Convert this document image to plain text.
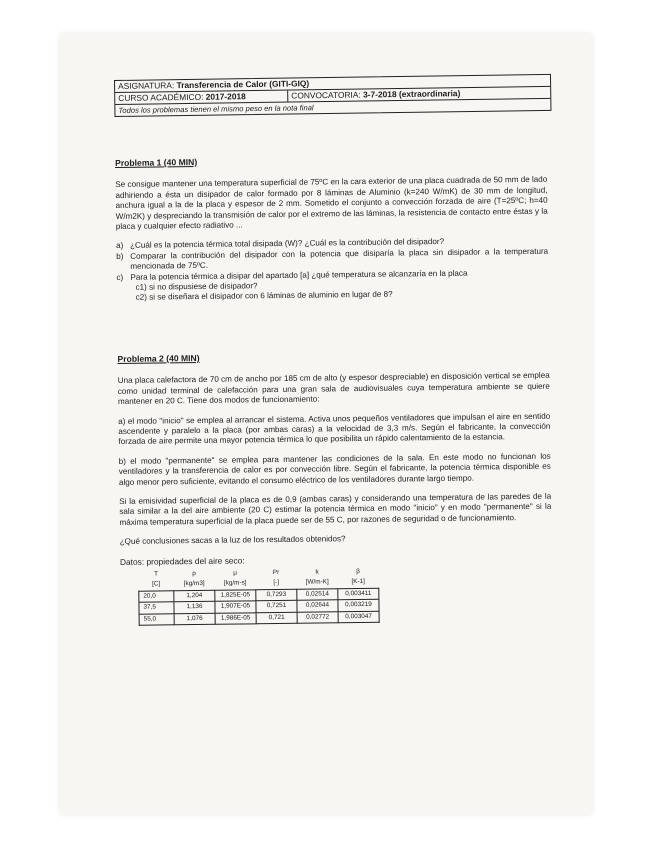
ASIGNATURA: Transferencia de Calor (GITI-GIQ)
CURSO ACADÉMICO: 2017-2018	CONVOCATORIA: 3-7-2018 (extraordinaria)
Todos los problemas tienen el mismo peso en la nota final
Problema 1 (40 MIN)
Se consigue mantener una temperatura superficial de 75ºC en la cara exterior de una placa cuadrada de 50 mm de lado adhiriendo a ésta un disipador de calor formado por 8 láminas de Aluminio (k=240 W/mK) de 30 mm de longitud, anchura igual a la de la placa y espesor de 2 mm. Sometido el conjunto a convección forzada de aire (T=25ºC; h=40 W/m2K) y despreciando la transmisión de calor por el extremo de las láminas, la resistencia de contacto entre éstas y la placa y cualquier efecto radiativo ...
a) ¿Cuál es la potencia térmica total disipada (W)? ¿Cuál es la contribución del disipador?
b) Comparar la contribución del disipador con la potencia que disiparía la placa sin disipador a la temperatura mencionada de 75ºC.
c) Para la potencia térmica a disipar del apartado [a] ¿qué temperatura se alcanzaría en la placa
c1) si no dispusiese de disipador?
c2) si se diseñara el disipador con 6 láminas de aluminio en lugar de 8?
Problema 2 (40 MIN)
Una placa calefactora de 70 cm de ancho por 185 cm de alto (y espesor despreciable) en disposición vertical se emplea como unidad terminal de calefacción para una gran sala de audiovisuales cuya temperatura ambiente se quiere mantener en 20 C. Tiene dos modos de funcionamiento:
a) el modo "inicio" se emplea al arrancar el sistema. Activa unos pequeños ventiladores que impulsan el aire en sentido ascendente y paralelo a la placa (por ambas caras) a la velocidad de 3,3 m/s. Según el fabricante, la convección forzada de aire permite una mayor potencia térmica lo que posibilita un rápido calentamiento de la estancia.
b) el modo "permanente" se emplea para mantener las condiciones de la sala. En este modo no funcionan los ventiladores y la transferencia de calor es por convección libre. Según el fabricante, la potencia térmica disponible es algo menor pero suficiente, evitando el consumo eléctrico de los ventiladores durante largo tiempo.
Si la emisividad superficial de la placa es de 0,9 (ambas caras) y considerando una temperatura de las paredes de la sala similar a la del aire ambiente (20 C) estimar la potencia térmica en modo "inicio" y en modo "permanente" si la máxima temperatura superficial de la placa puede ser de 55 C, por razones de seguridad o de funcionamiento.
¿Qué conclusiones sacas a la luz de los resultados obtenidos?
Datos: propiedades del aire seco:
T	ρ	μ	Pr	k	β
[C]	[kg/m3]	[kg/m-s]	[-]	[W/m-K]	[K-1]
20,0	1,204	1,825E-05	0,7293	0,02514	0,003411
37,5	1,136	1,907E-05	0,7251	0,02644	0,003219
55,0	1,076	1,986E-05	0,721	0,02772	0,003047
